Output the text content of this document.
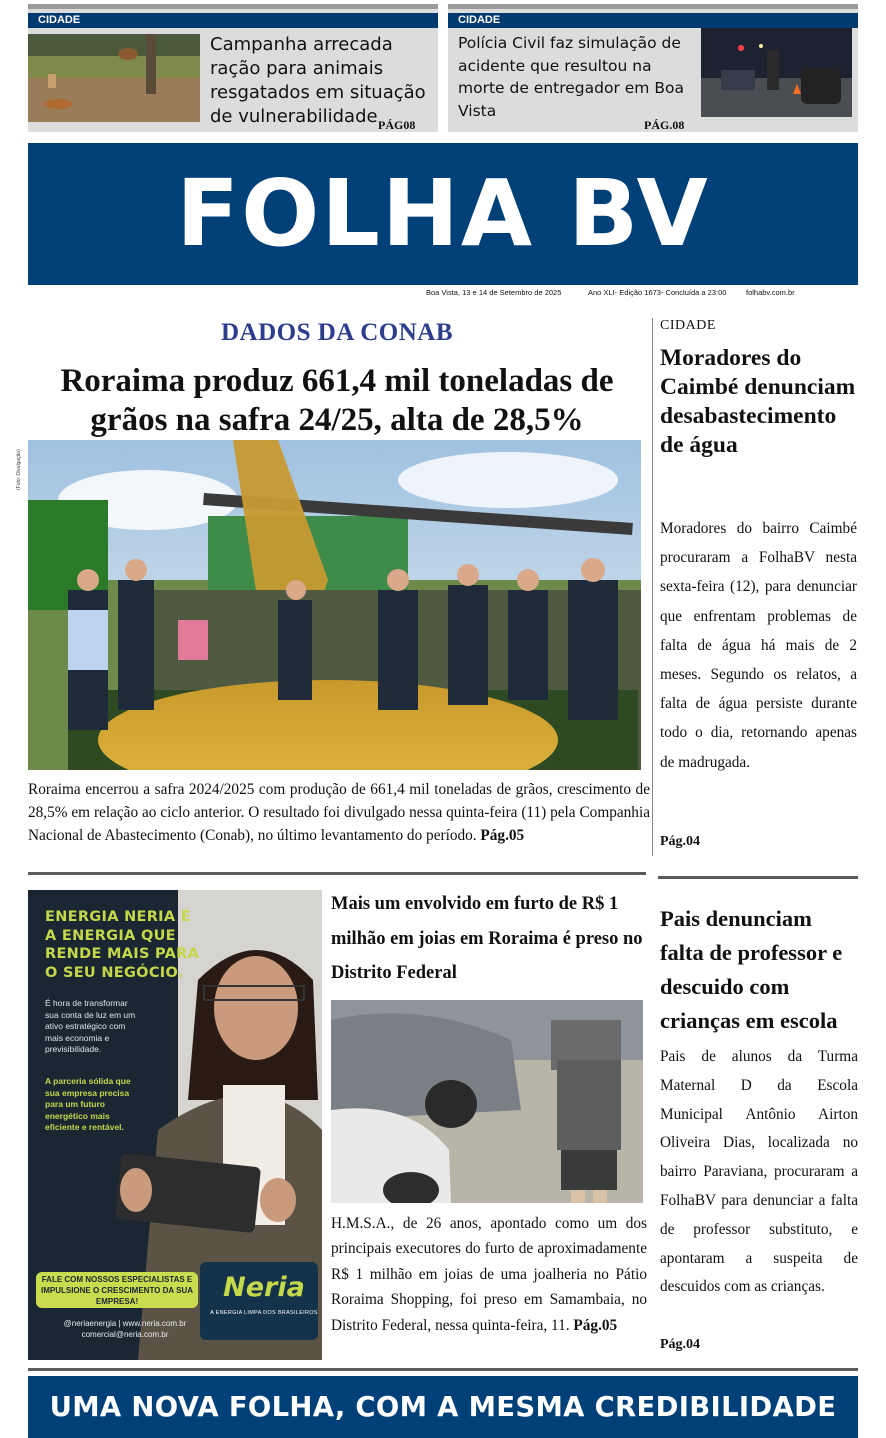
CIDADE
Campanha arrecada ração para animais resgatados em situação de vulnerabilidade PÁG08
CIDADE
Polícia Civil faz simulação de acidente que resultou na morte de entregador em Boa Vista
PÁG.08
FOLHA BV
Boa Vista, 13 e 14 de Setembro de 2025	Ano XLI- Edição 1673- Concluída a 23:00	folhabv.com.br
DADOS DA CONAB
Roraima produz 661,4 mil toneladas de grãos na safra 24/25, alta de 28,5%
(Foto: Divulgação)
Roraima encerrou a safra 2024/2025 com produção de 661,4 mil toneladas de grãos, crescimento de 28,5% em relação ao ciclo anterior. O resultado foi divulgado nessa quinta-feira (11) pela Companhia Nacional de Abastecimento (Conab), no último levantamento do período. Pág.05
CIDADE
Moradores do Caimbé denunciam desabastecimento de água
Moradores do bairro Caimbé procuraram a FolhaBV nesta sexta-feira (12), para denunciar que enfrentam problemas de falta de água há mais de 2 meses. Segundo os relatos, a falta de água persiste durante todo o dia, retornando apenas de madrugada.
Pág.04
Pais denunciam falta de professor e descuido com crianças em escola
Pais de alunos da Turma Maternal D da Escola Municipal Antônio Airton Oliveira Dias, localizada no bairro Paraviana, procuraram a FolhaBV para denunciar a falta de professor substituto, e apontaram a suspeita de descuidos com as crianças.
Pág.04
ENERGIA NERIA É A ENERGIA QUE RENDE MAIS PARA O SEU NEGÓCIO.
É hora de transformar sua conta de luz em um ativo estratégico com mais economia e previsibilidade.
A parceria sólida que sua empresa precisa para um futuro energético mais eficiente e rentável.
FALE COM NOSSOS ESPECIALISTAS E IMPULSIONE O CRESCIMENTO DA SUA EMPRESA!
@neriaenergia | www.neria.com.br comercial@neria.com.br
Neria
A ENERGIA LIMPA DOS BRASILEIROS
Mais um envolvido em furto de R$ 1 milhão em joias em Roraima é preso no Distrito Federal
H.M.S.A., de 26 anos, apontado como um dos principais executores do furto de aproximadamente R$ 1 milhão em joias de uma joalheria no Pátio Roraima Shopping, foi preso em Samambaia, no Distrito Federal, nessa quinta-feira, 11. Pág.05
UMA NOVA FOLHA, COM A MESMA CREDIBILIDADE
